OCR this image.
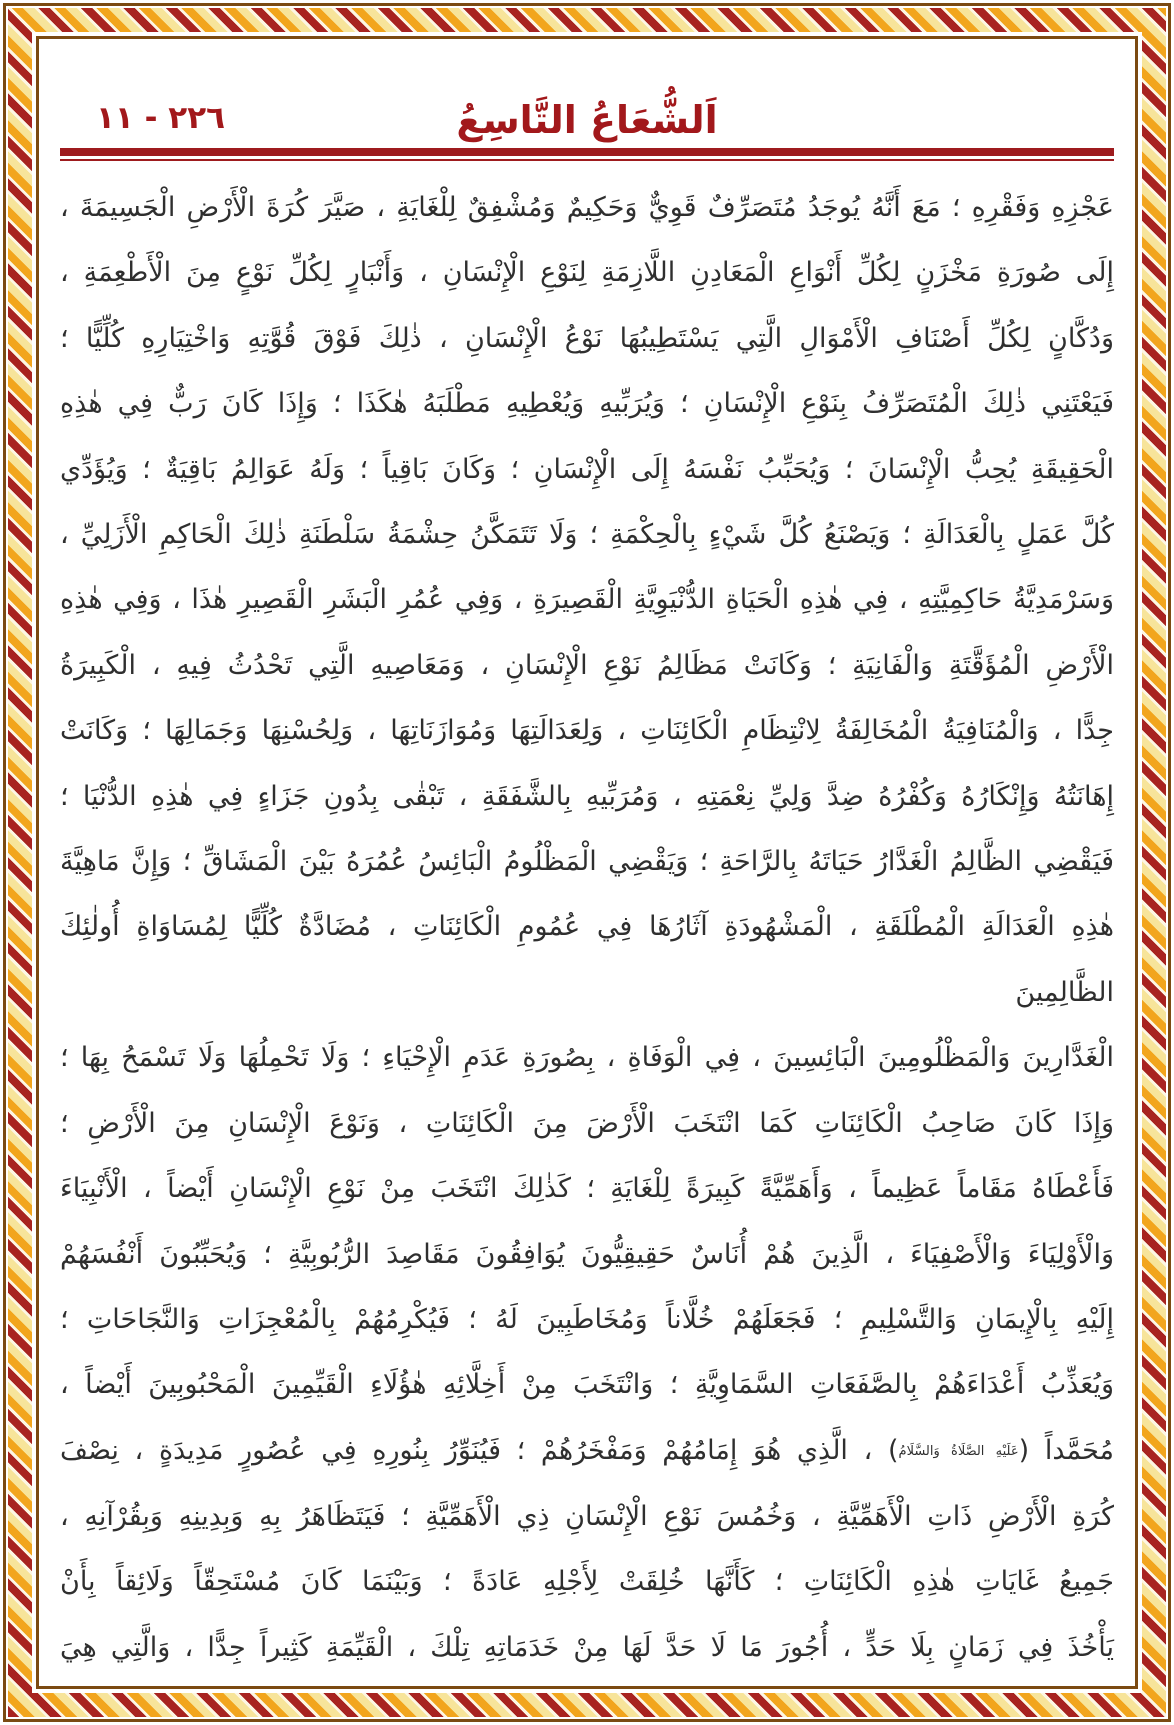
٢٢٦ - ١١	اَلشُّعَاعُ التَّاسِعُ
عَجْزِهِ وَفَقْرِهِ ؛ مَعَ أَنَّهُ يُوجَدُ مُتَصَرِّفٌ قَوِيٌّ وَحَكِيمٌ وَمُشْفِقٌ لِلْغَايَةِ ، صَيَّرَ كُرَةَ الْأَرْضِ الْجَسِيمَةَ ،
إِلَى صُورَةِ مَخْزَنٍ لِكُلِّ أَنْوَاعِ الْمَعَادِنِ اللَّازِمَةِ لِنَوْعِ الْإِنْسَانِ ، وَأَنْبَارٍ لِكُلِّ نَوْعٍ مِنَ الْأَطْعِمَةِ ،
وَدُكَّانٍ لِكُلِّ أَصْنَافِ الْأَمْوَالِ الَّتِي يَسْتَطِيبُهَا نَوْعُ الْإِنْسَانِ ، ذٰلِكَ فَوْقَ قُوَّتِهِ وَاخْتِيَارِهِ كُلِّيًّا ؛
فَيَعْتَنِي ذٰلِكَ الْمُتَصَرِّفُ بِنَوْعِ الْإِنْسَانِ ؛ وَيُرَبِّيهِ وَيُعْطِيهِ مَطْلَبَهُ هٰكَذَا ؛ وَإِذَا كَانَ رَبٌّ فِي هٰذِهِ
الْحَقِيقَةِ يُحِبُّ الْإِنْسَانَ ؛ وَيُحَبِّبُ نَفْسَهُ إِلَى الْإِنْسَانِ ؛ وَكَانَ بَاقِياً ؛ وَلَهُ عَوَالِمُ بَاقِيَةٌ ؛ وَيُؤَدِّي
كُلَّ عَمَلٍ بِالْعَدَالَةِ ؛ وَيَصْنَعُ كُلَّ شَيْءٍ بِالْحِكْمَةِ ؛ وَلَا تَتَمَكَّنُ حِشْمَةُ سَلْطَنَةِ ذٰلِكَ الْحَاكِمِ الْأَزَلِيِّ ،
وَسَرْمَدِيَّةُ حَاكِمِيَّتِهِ ، فِي هٰذِهِ الْحَيَاةِ الدُّنْيَوِيَّةِ الْقَصِيرَةِ ، وَفِي عُمُرِ الْبَشَرِ الْقَصِيرِ هٰذَا ، وَفِي هٰذِهِ
الْأَرْضِ الْمُؤَقَّتَةِ وَالْفَانِيَةِ ؛ وَكَانَتْ مَظَالِمُ نَوْعِ الْإِنْسَانِ ، وَمَعَاصِيهِ الَّتِي تَحْدُثُ فِيهِ ، الْكَبِيرَةُ
جِدًّا ، وَالْمُنَافِيَةُ الْمُخَالِفَةُ لِانْتِظَامِ الْكَائِنَاتِ ، وَلِعَدَالَتِهَا وَمُوَازَنَاتِهَا ، وَلِحُسْنِهَا وَجَمَالِهَا ؛ وَكَانَتْ
إِهَانَتُهُ وَإِنْكَارُهُ وَكُفْرُهُ ضِدَّ وَلِيِّ نِعْمَتِهِ ، وَمُرَبِّيهِ بِالشَّفَقَةِ ، تَبْقٰى بِدُونِ جَزَاءٍ فِي هٰذِهِ الدُّنْيَا ؛
فَيَقْضِي الظَّالِمُ الْغَدَّارُ حَيَاتَهُ بِالرَّاحَةِ ؛ وَيَقْضِي الْمَظْلُومُ الْبَائِسُ عُمُرَهُ بَيْنَ الْمَشَاقِّ ؛ وَإِنَّ مَاهِيَّةَ
هٰذِهِ الْعَدَالَةِ الْمُطْلَقَةِ ، الْمَشْهُودَةِ آثَارُهَا فِي عُمُومِ الْكَائِنَاتِ ، مُضَادَّةٌ كُلِّيًّا لِمُسَاوَاةِ أُولٰئِكَ الظَّالِمِينَ
الْغَدَّارِينَ وَالْمَظْلُومِينَ الْبَائِسِينَ ، فِي الْوَفَاةِ ، بِصُورَةِ عَدَمِ الْإِحْيَاءِ ؛ وَلَا تَحْمِلُهَا وَلَا تَسْمَحُ بِهَا ؛
وَإِذَا كَانَ صَاحِبُ الْكَائِنَاتِ كَمَا انْتَخَبَ الْأَرْضَ مِنَ الْكَائِنَاتِ ، وَنَوْعَ الْإِنْسَانِ مِنَ الْأَرْضِ ؛
فَأَعْطَاهُ مَقَاماً عَظِيماً ، وَأَهَمِّيَّةً كَبِيرَةً لِلْغَايَةِ ؛ كَذٰلِكَ انْتَخَبَ مِنْ نَوْعِ الْإِنْسَانِ أَيْضاً ، الْأَنْبِيَاءَ
وَالْأَوْلِيَاءَ وَالْأَصْفِيَاءَ ، الَّذِينَ هُمْ أُنَاسٌ حَقِيقِيُّونَ يُوَافِقُونَ مَقَاصِدَ الرُّبُوبِيَّةِ ؛ وَيُحَبِّبُونَ أَنْفُسَهُمْ
إِلَيْهِ بِالْإِيمَانِ وَالتَّسْلِيمِ ؛ فَجَعَلَهُمْ خُلَّاناً وَمُخَاطَبِينَ لَهُ ؛ فَيُكْرِمُهُمْ بِالْمُعْجِزَاتِ وَالنَّجَاحَاتِ ؛
وَيُعَذِّبُ أَعْدَاءَهُمْ بِالصَّفَعَاتِ السَّمَاوِيَّةِ ؛ وَانْتَخَبَ مِنْ أَخِلَّائِهِ هٰؤُلَاءِ الْقَيِّمِينَ الْمَحْبُوبِينَ أَيْضاً ،
مُحَمَّداً (عَلَيْهِ الصَّلَاةُ وَالسَّلَامُ) ، الَّذِي هُوَ إِمَامُهُمْ وَمَفْخَرُهُمْ ؛ فَيُنَوِّرُ بِنُورِهِ فِي عُصُورٍ مَدِيدَةٍ ، نِصْفَ
كُرَةِ الْأَرْضِ ذَاتِ الْأَهَمِّيَّةِ ، وَخُمُسَ نَوْعِ الْإِنْسَانِ ذِي الْأَهَمِّيَّةِ ؛ فَيَتَظَاهَرُ بِهِ وَبِدِينِهِ وَبِقُرْآنِهِ ،
جَمِيعُ غَايَاتِ هٰذِهِ الْكَائِنَاتِ ؛ كَأَنَّهَا خُلِقَتْ لِأَجْلِهِ عَادَةً ؛ وَبَيْنَمَا كَانَ مُسْتَحِقّاً وَلَائِقاً بِأَنْ
يَأْخُذَ فِي زَمَانٍ بِلَا حَدٍّ ، أُجُورَ مَا لَا حَدَّ لَهَا مِنْ خَدَمَاتِهِ تِلْكَ ، الْقَيِّمَةِ كَثِيراً جِدًّا ، وَالَّتِي هِيَ
